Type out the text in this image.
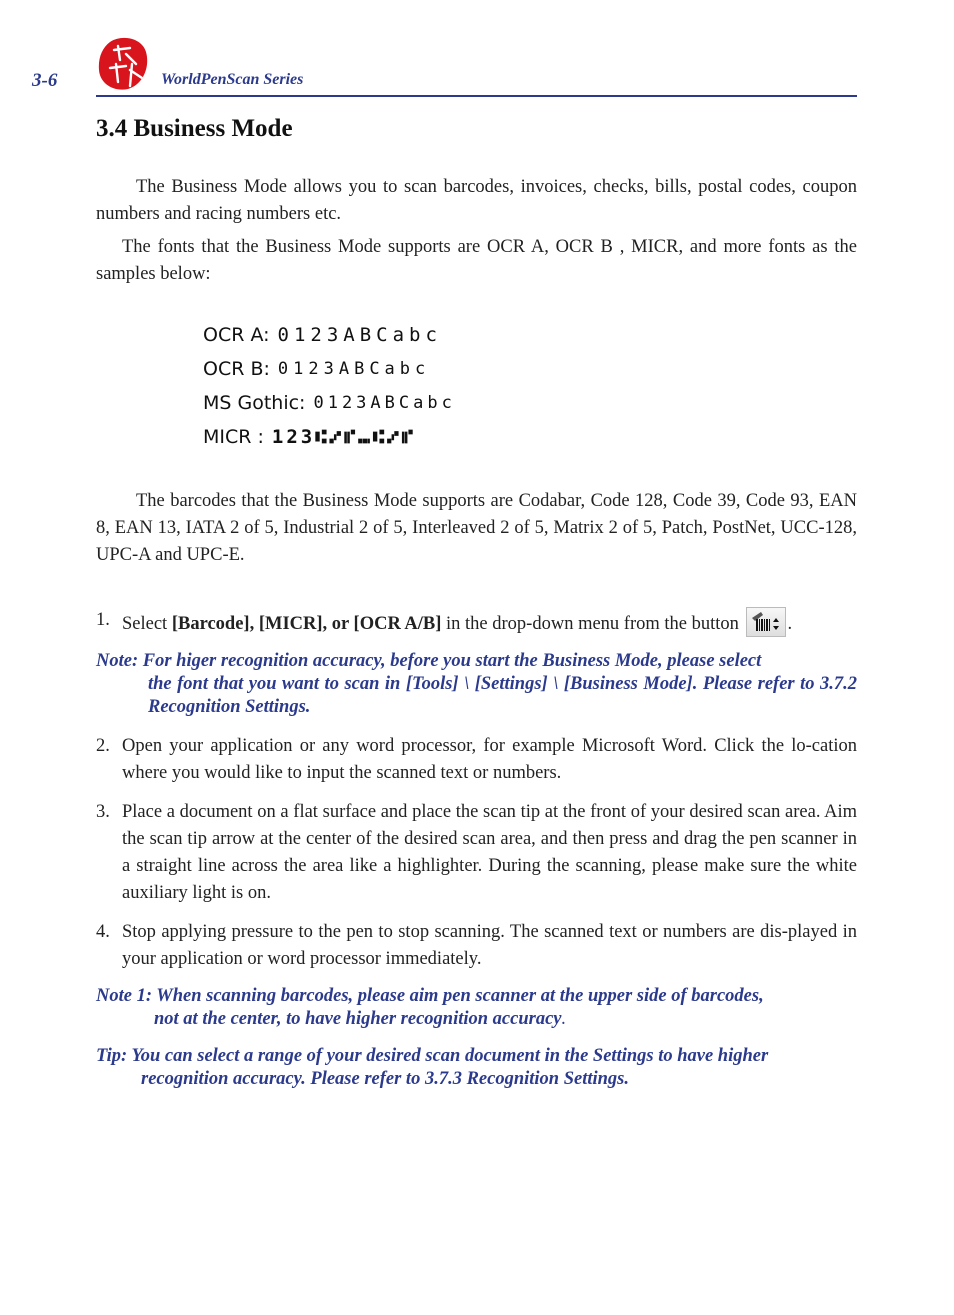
3-6	WorldPenScan Series
3.4 Business Mode

The Business Mode allows you to scan barcodes, invoices, checks, bills, postal codes, coupon numbers and racing numbers etc.

The fonts that the Business Mode supports are OCR A, OCR B , MICR, and more fonts as the samples below:

OCR A: 0123ABCabc
OCR B: 0123ABCabc
MS Gothic: 0123ABCabc
MICR : 123⑆⑇⑈⑉⑆⑇⑈

The barcodes that the Business Mode supports are Codabar, Code 128, Code 39, Code 93, EAN 8, EAN 13, IATA 2 of 5, Industrial 2 of 5, Interleaved 2 of 5, Matrix 2 of 5, Patch, PostNet, UCC-128, UPC-A and UPC-E.

1. Select [Barcode], [MICR], or [OCR A/B] in the drop-down menu from the button	.
Note: For higer recognition accuracy, before you start the Business Mode, please select
the font that you want to scan in [Tools] \ [Settings] \ [Business Mode]. Please refer to 3.7.2 Recognition Settings.
2. Open your application or any word processor, for example Microsoft Word. Click the lo-cation where you would like to input the scanned text or numbers.
3. Place a document on a flat surface and place the scan tip at the front of your desired scan area. Aim the scan tip arrow at the center of the desired scan area, and then press and drag the pen scanner in a straight line across the area like a highlighter. During the scanning, please make sure the white auxiliary light is on.
4. Stop applying pressure to the pen to stop scanning. The scanned text or numbers are dis-played in your application or word processor immediately.
Note 1: When scanning barcodes, please aim pen scanner at the upper side of barcodes,
not at the center, to have higher recognition accuracy.
Tip: You can select a range of your desired scan document in the Settings to have higher
recognition accuracy. Please refer to 3.7.3 Recognition Settings.
